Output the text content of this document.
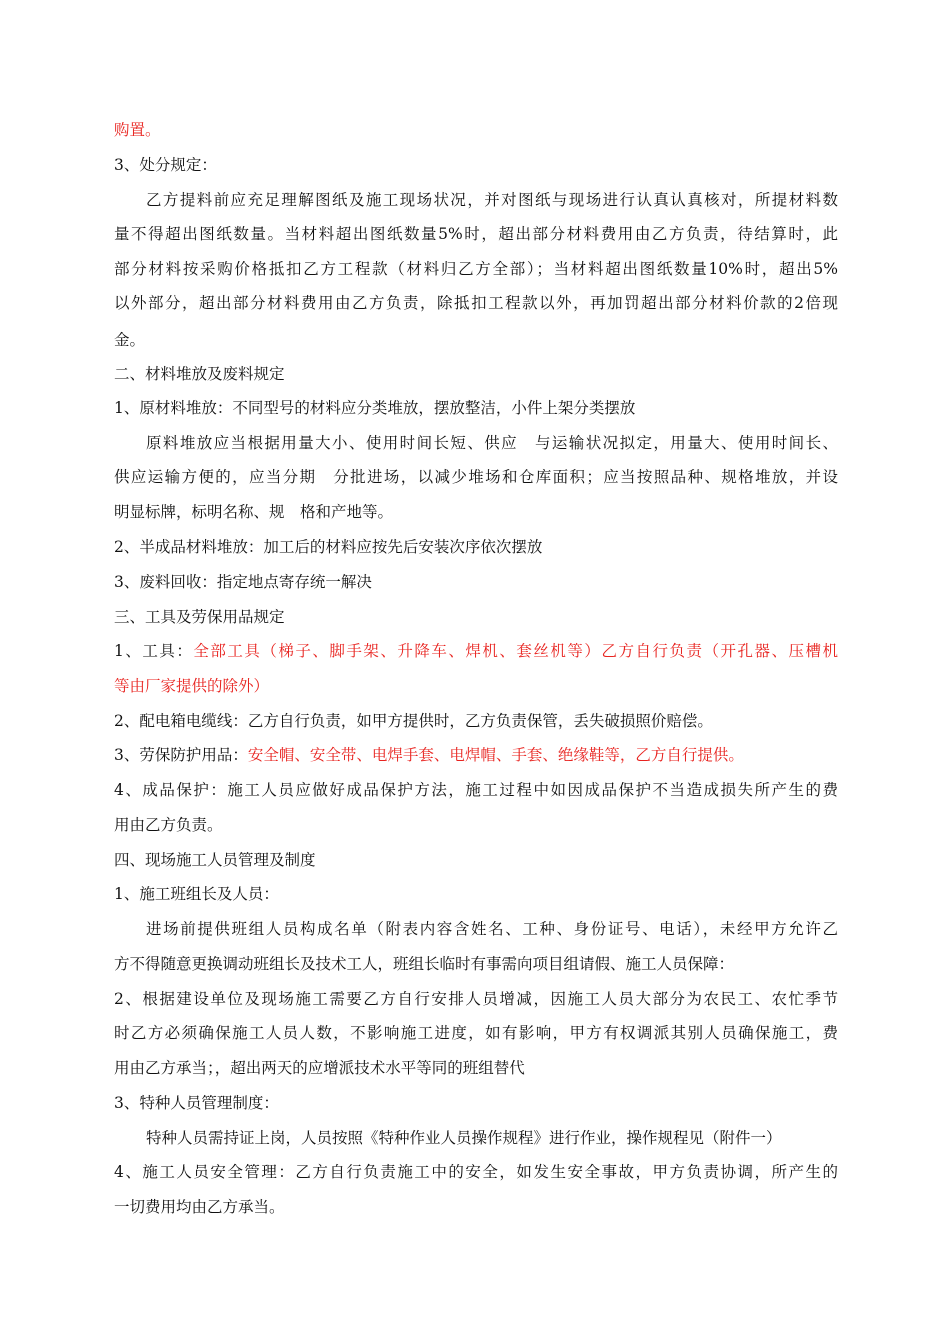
购置。
3、处分规定：
乙方提料前应充足理解图纸及施工现场状况，并对图纸与现场进行认真认真核对，所提材料数
量不得超出图纸数量。当材料超出图纸数量5%时，超出部分材料费用由乙方负责，待结算时，此
部分材料按采购价格抵扣乙方工程款（材料归乙方全部）；当材料超出图纸数量10%时，超出5%
以外部分，超出部分材料费用由乙方负责，除抵扣工程款以外，再加罚超出部分材料价款的2倍现
金。
二、材料堆放及废料规定
1、原材料堆放：不同型号的材料应分类堆放，摆放整洁，小件上架分类摆放
原料堆放应当根据用量大小、使用时间长短、供应　与运输状况拟定，用量大、使用时间长、
供应运输方便的，应当分期　分批进场，以减少堆场和仓库面积；应当按照品种、规格堆放，并设
明显标牌，标明名称、规　格和产地等。
2、半成品材料堆放：加工后的材料应按先后安装次序依次摆放
3、废料回收：指定地点寄存统一解决
三、工具及劳保用品规定
1、工具：全部工具（梯子、脚手架、升降车、焊机、套丝机等）乙方自行负责（开孔器、压槽机
等由厂家提供的除外）
2、配电箱电缆线：乙方自行负责，如甲方提供时，乙方负责保管，丢失破损照价赔偿。
3、劳保防护用品：安全帽、安全带、电焊手套、电焊帽、手套、绝缘鞋等，乙方自行提供。
4、成品保护：施工人员应做好成品保护方法，施工过程中如因成品保护不当造成损失所产生的费
用由乙方负责。
四、现场施工人员管理及制度
1、施工班组长及人员：
进场前提供班组人员构成名单（附表内容含姓名、工种、身份证号、电话），未经甲方允许乙
方不得随意更换调动班组长及技术工人，班组长临时有事需向项目组请假、施工人员保障：
2、根据建设单位及现场施工需要乙方自行安排人员增减，因施工人员大部分为农民工、农忙季节
时乙方必须确保施工人员人数，不影响施工进度，如有影响，甲方有权调派其别人员确保施工，费
用由乙方承当；，超出两天的应增派技术水平等同的班组替代
3、特种人员管理制度：
特种人员需持证上岗，人员按照《特种作业人员操作规程》进行作业，操作规程见（附件一）
4、施工人员安全管理：乙方自行负责施工中的安全，如发生安全事故，甲方负责协调，所产生的
一切费用均由乙方承当。
